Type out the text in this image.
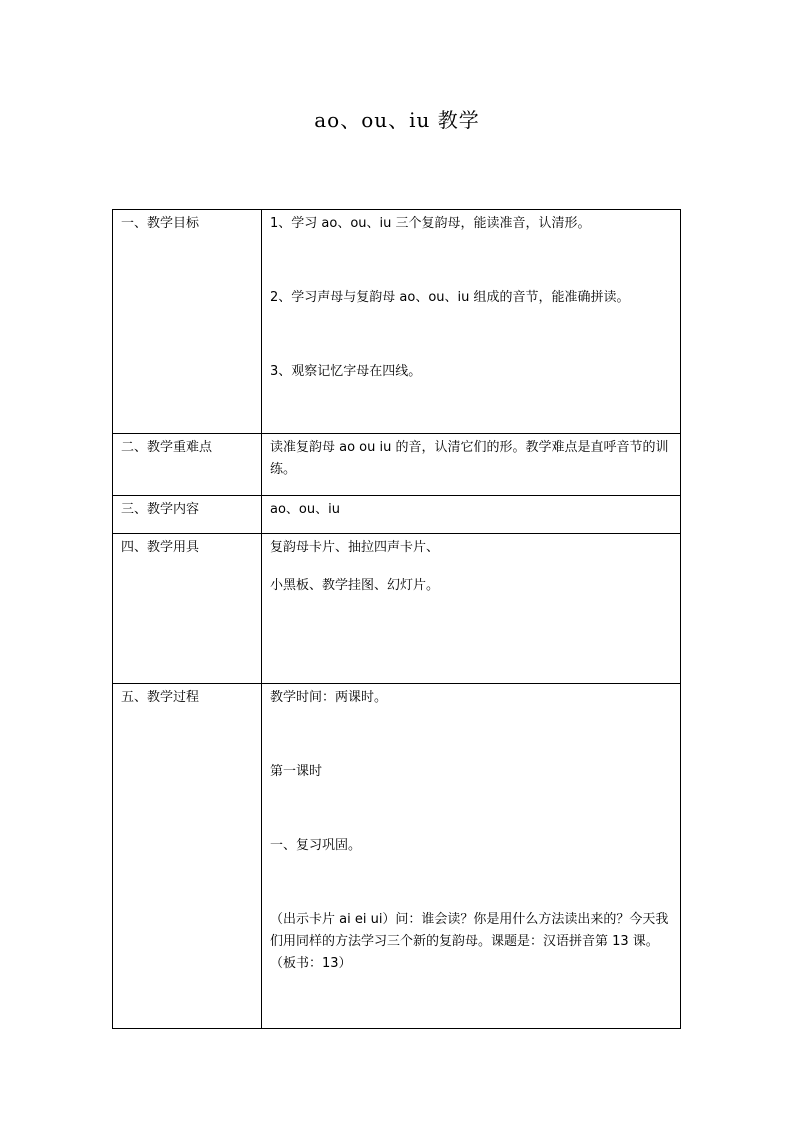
ao、ou、iu 教学
一、教学目标	1、学习 ao、ou、iu 三个复韵母，能读准音，认清形。
2、学习声母与复韵母 ao、ou、iu 组成的音节，能准确拼读。
3、观察记忆字母在四线。

二、教学重难点	读准复韵母 ao ou iu 的音，认清它们的形。教学难点是直呼音节的训练。
三、教学内容	ao、ou、iu
四、教学用具	复韵母卡片、抽拉四声卡片、
小黑板、教学挂图、幻灯片。

五、教学过程	教学时间：两课时。
第一课时
一、复习巩固。
（出示卡片 ai ei ui）问：谁会读？你是用什么方法读出来的？今天我们用同样的方法学习三个新的复韵母。课题是：汉语拼音第 13 课。（板书：13）
